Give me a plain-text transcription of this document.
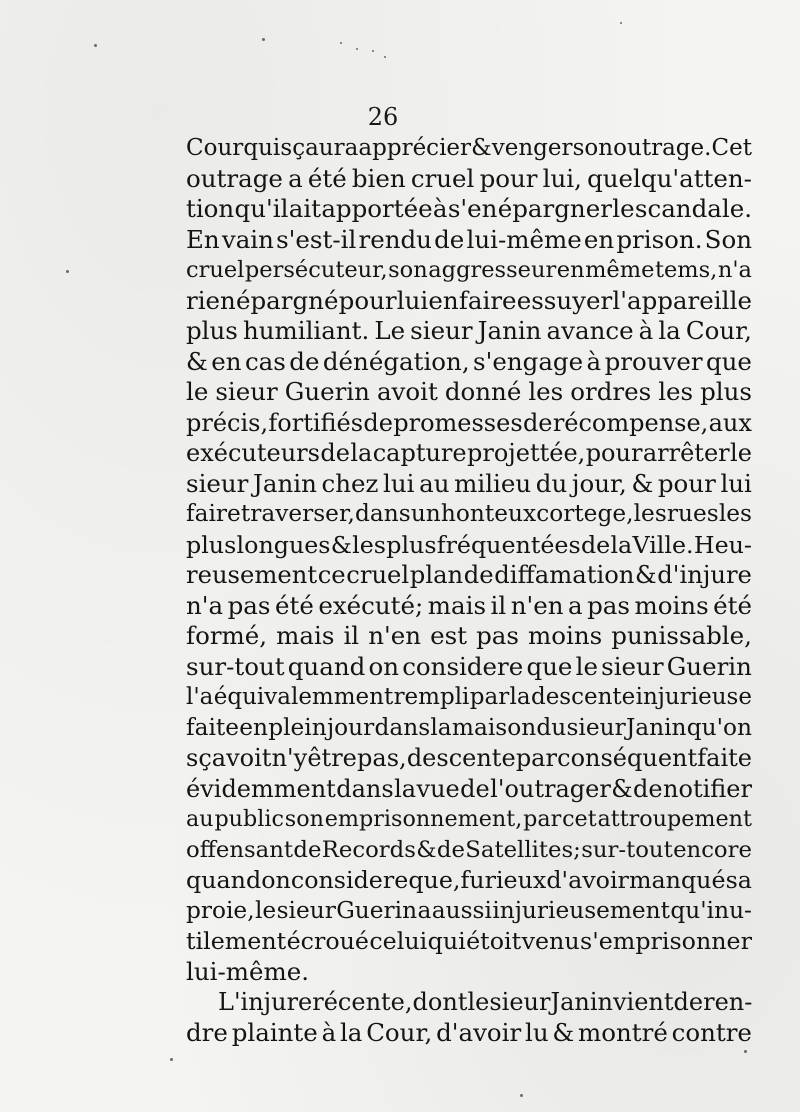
26
Cour qui sçaura apprécier & venger son outrage. Cet
outrage a été bien cruel pour lui, quelqu'atten-
tion qu'il ait apportée à s'en épargner le scandale.
En vain s'est-il rendu de lui-même en prison. Son
cruel persécuteur, son aggresseur en même tems, n'a
rien épargné pour lui en faire essuyer l'appareil le
plus humiliant. Le sieur Janin avance à la Cour,
& en cas de dénégation, s'engage à prouver que
le sieur Guerin avoit donné les ordres les plus
précis, fortifiés de promesses de récompense, aux
exécuteurs de la capture projettée, pour arrêter le
sieur Janin chez lui au milieu du jour, & pour lui
faire traverser, dans un honteux cortege, les rues les
plus longues & les plus fréquentées de la Ville. Heu-
reusement ce cruel plan de diffamation & d'injure
n'a pas été exécuté; mais il n'en a pas moins été
formé, mais il n'en est pas moins punissable,
sur-tout quand on considere que le sieur Guerin
l'a équivalemment rempli par la descente injurieuse
faite en plein jour dans la maison du sieur Janin qu'on
sçavoit n'y être pas, descente par conséquent faite
évidemment dans la vue de l'outrager & de notifier
au public son emprisonnement, par cet attroupement
offensant de Records & de Satellites; sur-tout encore
quand on considere que, furieux d'avoir manqué sa
proie, le sieur Guerin a aussi injurieusement qu'inu-
tilement écroué celui qui étoit venu s'emprisonner
lui-même.
L'injure récente, dont le sieur Janin vient de ren-
dre plainte à la Cour, d'avoir lu & montré contre
